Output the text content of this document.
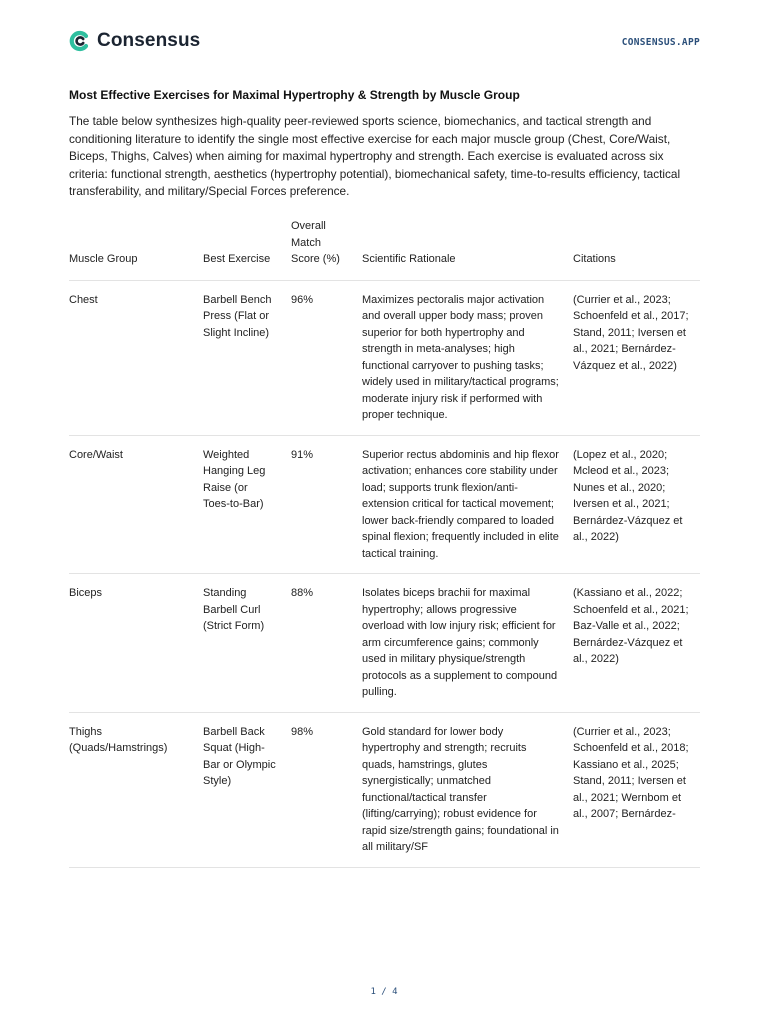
Consensus	CONSENSUS.APP
Most Effective Exercises for Maximal Hypertrophy & Strength by Muscle Group
The table below synthesizes high-quality peer-reviewed sports science, biomechanics, and tactical strength and conditioning literature to identify the single most effective exercise for each major muscle group (Chest, Core/Waist, Biceps, Thighs, Calves) when aiming for maximal hypertrophy and strength. Each exercise is evaluated across six criteria: functional strength, aesthetics (hypertrophy potential), biomechanical safety, time-to-results efficiency, tactical transferability, and military/Special Forces preference.
Muscle Group	Best Exercise	Overall Match Score (%)	Scientific Rationale	Citations
Chest	Barbell Bench Press (Flat or Slight Incline)	96%	Maximizes pectoralis major activation and overall upper body mass; proven superior for both hypertrophy and strength in meta-analyses; high functional carryover to pushing tasks; widely used in military/tactical programs; moderate injury risk if performed with proper technique.	(Currier et al., 2023; Schoenfeld et al., 2017; Stand, 2011; Iversen et al., 2021; Bernárdez-Vázquez et al., 2022)
Core/Waist	Weighted Hanging Leg Raise (or Toes-to-Bar)	91%	Superior rectus abdominis and hip flexor activation; enhances core stability under load; supports trunk flexion/anti-extension critical for tactical movement; lower back-friendly compared to loaded spinal flexion; frequently included in elite tactical training.	(Lopez et al., 2020; Mcleod et al., 2023; Nunes et al., 2020; Iversen et al., 2021; Bernárdez-Vázquez et al., 2022)
Biceps	Standing Barbell Curl (Strict Form)	88%	Isolates biceps brachii for maximal hypertrophy; allows progressive overload with low injury risk; efficient for arm circumference gains; commonly used in military physique/strength protocols as a supplement to compound pulling.	(Kassiano et al., 2022; Schoenfeld et al., 2021; Baz-Valle et al., 2022; Bernárdez-Vázquez et al., 2022)
Thighs (Quads/Hamstrings)	Barbell Back Squat (High-Bar or Olympic Style)	98%	Gold standard for lower body hypertrophy and strength; recruits quads, hamstrings, glutes synergistically; unmatched functional/tactical transfer (lifting/carrying); robust evidence for rapid size/strength gains; foundational in all military/SF	(Currier et al., 2023; Schoenfeld et al., 2018; Kassiano et al., 2025; Stand, 2011; Iversen et al., 2021; Wernbom et al., 2007; Bernárdez-
1 / 4
